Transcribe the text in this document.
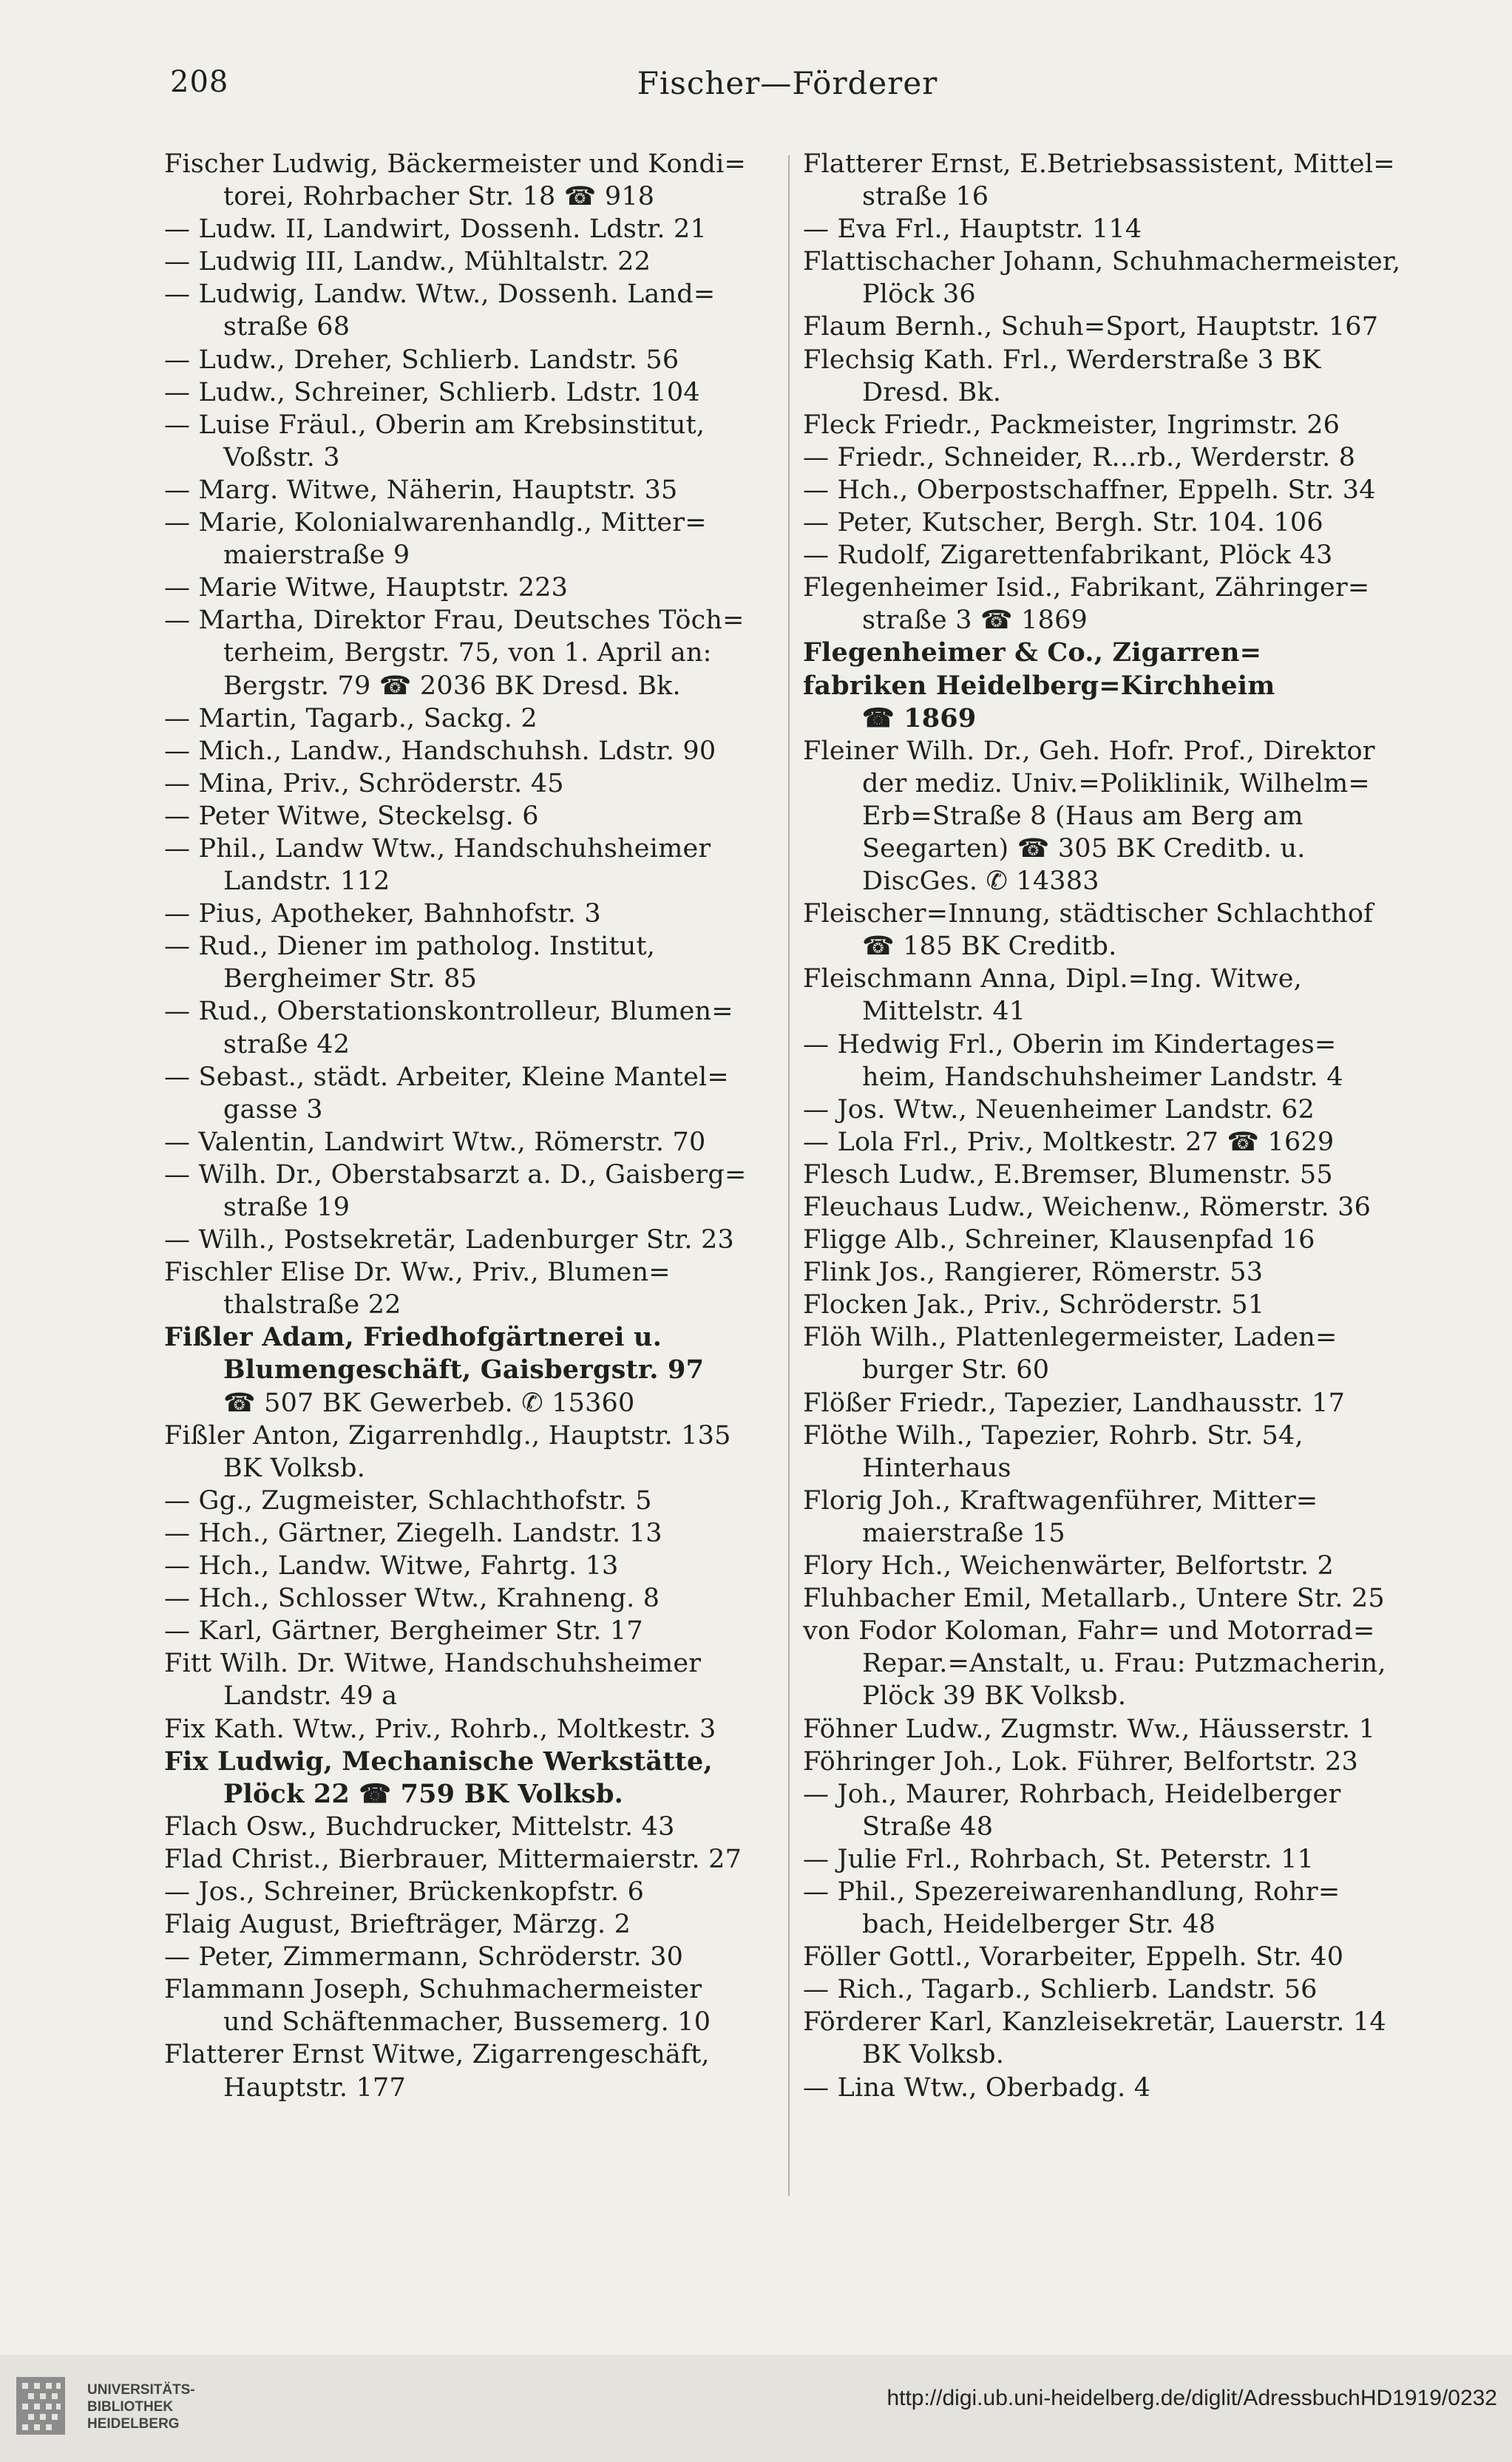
208	Fischer—Förderer
Fischer Ludwig, Bäckermeister und Kondi=
torei, Rohrbacher Str. 18 ☎ 918
— Ludw. II, Landwirt, Dossenh. Ldstr. 21
— Ludwig III, Landw., Mühltalstr. 22
— Ludwig, Landw. Wtw., Dossenh. Land=
straße 68
— Ludw., Dreher, Schlierb. Landstr. 56
— Ludw., Schreiner, Schlierb. Ldstr. 104
— Luise Fräul., Oberin am Krebsinstitut,
Voßstr. 3
— Marg. Witwe, Näherin, Hauptstr. 35
— Marie, Kolonialwarenhandlg., Mitter=
maierstraße 9
— Marie Witwe, Hauptstr. 223
— Martha, Direktor Frau, Deutsches Töch=
terheim, Bergstr. 75, von 1. April an:
Bergstr. 79 ☎ 2036 BK Dresd. Bk.
— Martin, Tagarb., Sackg. 2
— Mich., Landw., Handschuhsh. Ldstr. 90
— Mina, Priv., Schröderstr. 45
— Peter Witwe, Steckelsg. 6
— Phil., Landw Wtw., Handschuhsheimer
Landstr. 112
— Pius, Apotheker, Bahnhofstr. 3
— Rud., Diener im patholog. Institut,
Bergheimer Str. 85
— Rud., Oberstationskontrolleur, Blumen=
straße 42
— Sebast., städt. Arbeiter, Kleine Mantel=
gasse 3
— Valentin, Landwirt Wtw., Römerstr. 70
— Wilh. Dr., Oberstabsarzt a. D., Gaisberg=
straße 19
— Wilh., Postsekretär, Ladenburger Str. 23
Fischler Elise Dr. Ww., Priv., Blumen=
thalstraße 22
Fißler Adam, Friedhofgärtnerei u.
Blumengeschäft, Gaisbergstr. 97
☎ 507 BK Gewerbeb. ✆ 15360
Fißler Anton, Zigarrenhdlg., Hauptstr. 135
BK Volksb.
— Gg., Zugmeister, Schlachthofstr. 5
— Hch., Gärtner, Ziegelh. Landstr. 13
— Hch., Landw. Witwe, Fahrtg. 13
— Hch., Schlosser Wtw., Krahneng. 8
— Karl, Gärtner, Bergheimer Str. 17
Fitt Wilh. Dr. Witwe, Handschuhsheimer
Landstr. 49 a
Fix Kath. Wtw., Priv., Rohrb., Moltkestr. 3
Fix Ludwig, Mechanische Werkstätte,
Plöck 22 ☎ 759 BK Volksb.
Flach Osw., Buchdrucker, Mittelstr. 43
Flad Christ., Bierbrauer, Mittermaierstr. 27
— Jos., Schreiner, Brückenkopfstr. 6
Flaig August, Briefträger, Märzg. 2
— Peter, Zimmermann, Schröderstr. 30
Flammann Joseph, Schuhmachermeister
und Schäftenmacher, Bussemerg. 10
Flatterer Ernst Witwe, Zigarrengeschäft,
Hauptstr. 177
Flatterer Ernst, E.Betriebsassistent, Mittel=
straße 16
— Eva Frl., Hauptstr. 114
Flattischacher Johann, Schuhmachermeister,
Plöck 36
Flaum Bernh., Schuh=Sport, Hauptstr. 167
Flechsig Kath. Frl., Werderstraße 3 BK
Dresd. Bk.
Fleck Friedr., Packmeister, Ingrimstr. 26
— Friedr., Schneider, R...rb., Werderstr. 8
— Hch., Oberpostschaffner, Eppelh. Str. 34
— Peter, Kutscher, Bergh. Str. 104. 106
— Rudolf, Zigarettenfabrikant, Plöck 43
Flegenheimer Isid., Fabrikant, Zähringer=
straße 3 ☎ 1869
Flegenheimer & Co., Zigarren=
fabriken Heidelberg=Kirchheim
☎ 1869
Fleiner Wilh. Dr., Geh. Hofr. Prof., Direktor
der mediz. Univ.=Poliklinik, Wilhelm=
Erb=Straße 8 (Haus am Berg am
Seegarten) ☎ 305 BK Creditb. u.
DiscGes. ✆ 14383
Fleischer=Innung, städtischer Schlachthof
☎ 185 BK Creditb.
Fleischmann Anna, Dipl.=Ing. Witwe,
Mittelstr. 41
— Hedwig Frl., Oberin im Kindertages=
heim, Handschuhsheimer Landstr. 4
— Jos. Wtw., Neuenheimer Landstr. 62
— Lola Frl., Priv., Moltkestr. 27 ☎ 1629
Flesch Ludw., E.Bremser, Blumenstr. 55
Fleuchaus Ludw., Weichenw., Römerstr. 36
Fligge Alb., Schreiner, Klausenpfad 16
Flink Jos., Rangierer, Römerstr. 53
Flocken Jak., Priv., Schröderstr. 51
Flöh Wilh., Plattenlegermeister, Laden=
burger Str. 60
Flößer Friedr., Tapezier, Landhausstr. 17
Flöthe Wilh., Tapezier, Rohrb. Str. 54,
Hinterhaus
Florig Joh., Kraftwagenführer, Mitter=
maierstraße 15
Flory Hch., Weichenwärter, Belfortstr. 2
Fluhbacher Emil, Metallarb., Untere Str. 25
von Fodor Koloman, Fahr= und Motorrad=
Repar.=Anstalt, u. Frau: Putzmacherin,
Plöck 39 BK Volksb.
Föhner Ludw., Zugmstr. Ww., Häusserstr. 1
Föhringer Joh., Lok. Führer, Belfortstr. 23
— Joh., Maurer, Rohrbach, Heidelberger
Straße 48
— Julie Frl., Rohrbach, St. Peterstr. 11
— Phil., Spezereiwarenhandlung, Rohr=
bach, Heidelberger Str. 48
Föller Gottl., Vorarbeiter, Eppelh. Str. 40
— Rich., Tagarb., Schlierb. Landstr. 56
Förderer Karl, Kanzleisekretär, Lauerstr. 14
BK Volksb.
— Lina Wtw., Oberbadg. 4
UNIVERSITÄTS-
BIBLIOTHEK
HEIDELBERG
http://digi.ub.uni-heidelberg.de/diglit/AdressbuchHD1919/0232
